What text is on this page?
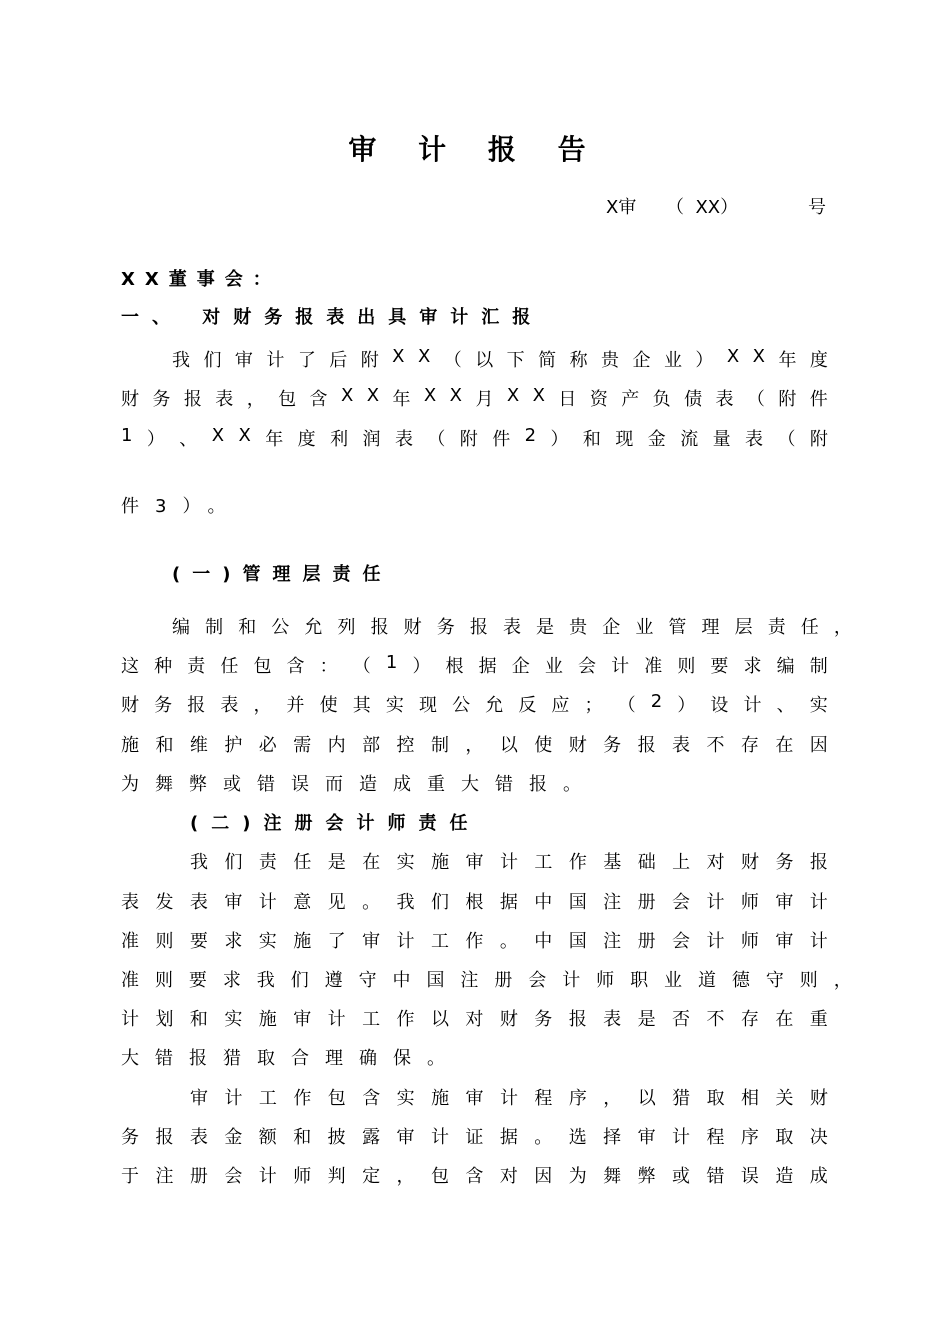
审 计 报 告
X审 （  XX）	号
XX董事会：
一、 对财务报表出具审计汇报
我 们 审 计 了 后 附 X X （ 以 下 简 称 贵 企 业 ） X X 年 度
财 务 报 表 ， 包 含 X X 年 X X 月 X X 日 资 产 负 债 表 （ 附 件
1 ） 、 X X 年 度 利 润 表 （ 附 件 2 ） 和 现 金 流 量 表 （ 附
件3）。
(一)管理层责任
编 制 和 公 允 列 报 财 务 报 表 是 贵 企 业 管 理 层 责 任 ，
这 种 责 任 包 含 ： （ 1 ） 根 据 企 业 会 计 准 则 要 求 编 制
财 务 报 表 ， 并 使 其 实 现 公 允 反 应 ； （ 2 ） 设 计 、 实
施 和 维 护 必 需 内 部 控 制 ， 以 使 财 务 报 表 不 存 在 因
为舞弊或错误而造成重大错报。
(二)注册会计师责任
我 们 责 任 是 在 实 施 审 计 工 作 基 础 上 对 财 务 报
表 发 表 审 计 意 见 。 我 们 根 据 中 国 注 册 会 计 师 审 计
准 则 要 求 实 施 了 审 计 工 作 。 中 国 注 册 会 计 师 审 计
准 则 要 求 我 们 遵 守 中 国 注 册 会 计 师 职 业 道 德 守 则 ，
计 划 和 实 施 审 计 工 作 以 对 财 务 报 表 是 否 不 存 在 重
大错报猎取合理确保。
审 计 工 作 包 含 实 施 审 计 程 序 ， 以 猎 取 相 关 财
务 报 表 金 额 和 披 露 审 计 证 据 。 选 择 审 计 程 序 取 决
于 注 册 会 计 师 判 定 ， 包 含 对 因 为 舞 弊 或 错 误 造 成
